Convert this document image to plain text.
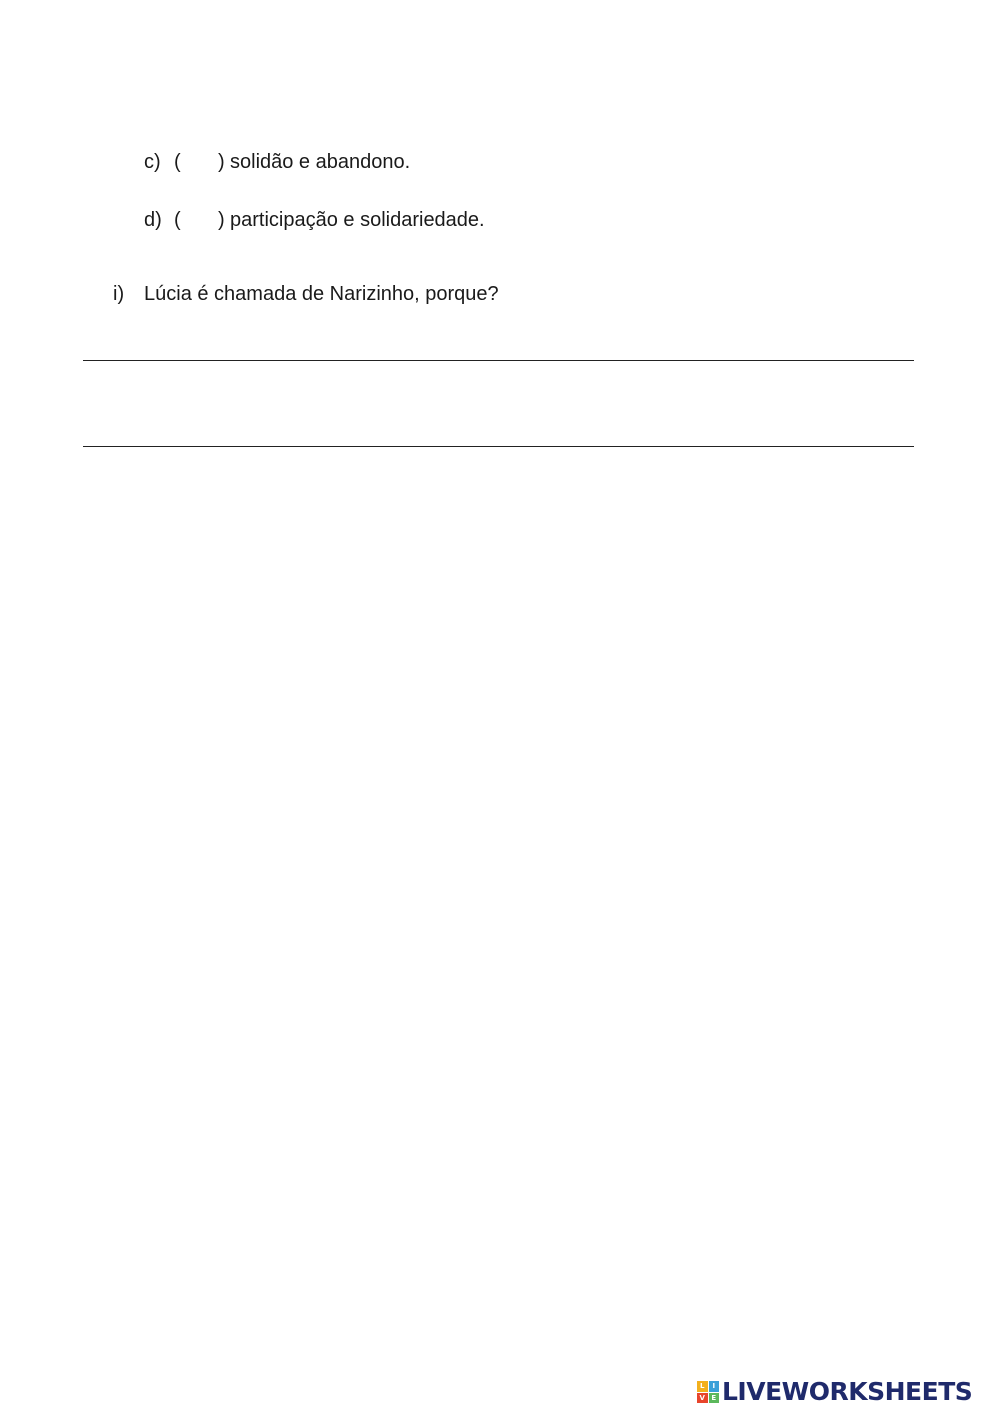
c)

(

)

solidão e abandono.

d)

(

)

participação e solidariedade.

i)

Lúcia é chamada de Narizinho, porque?

L	I
V E LIVEWORKSHEETS
